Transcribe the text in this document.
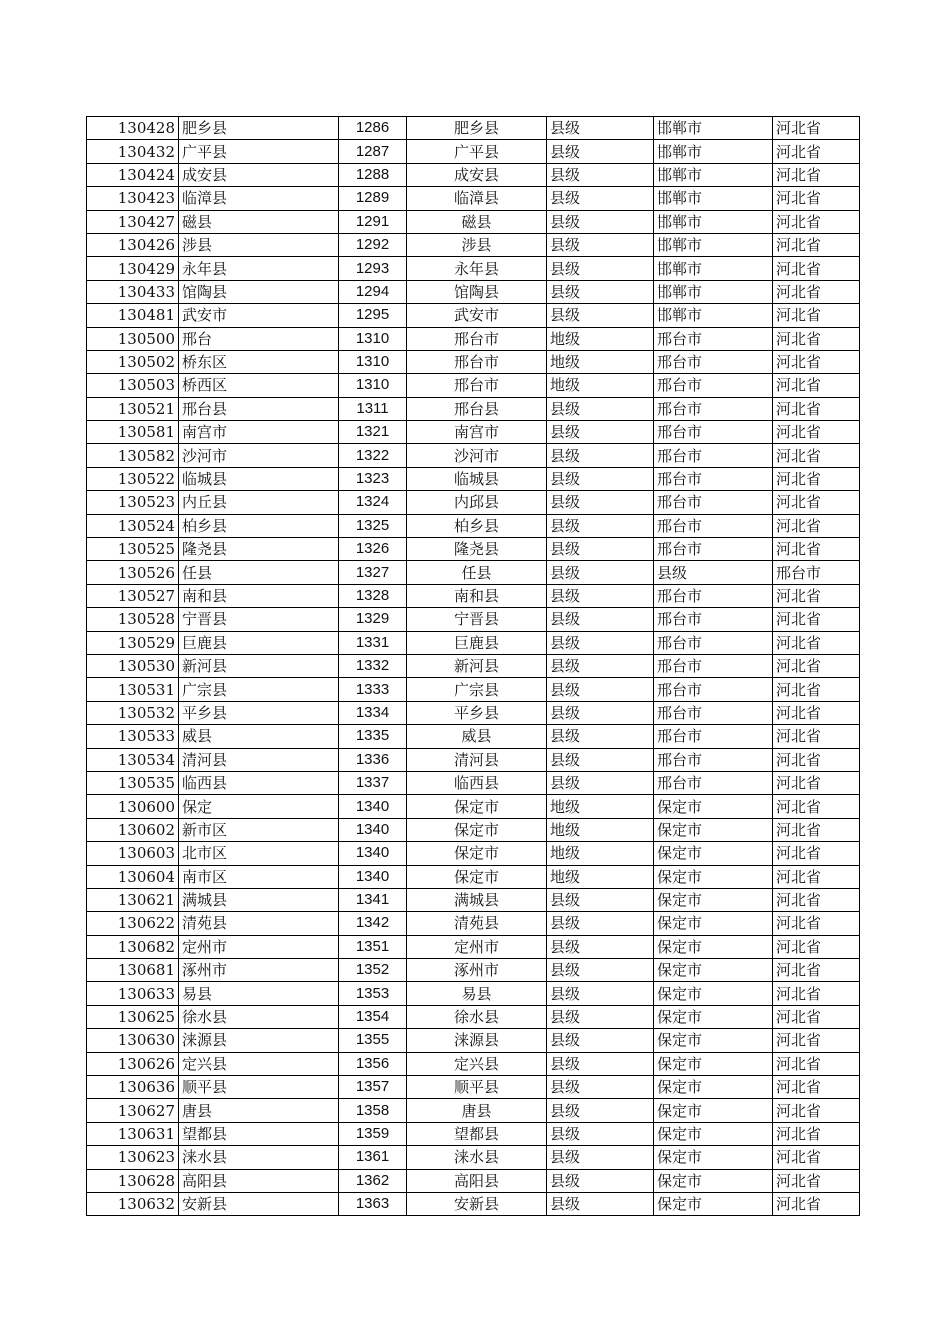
130428	肥乡县	1286	肥乡县	县级	邯郸市	河北省
130432	广平县	1287	广平县	县级	邯郸市	河北省
130424	成安县	1288	成安县	县级	邯郸市	河北省
130423	临漳县	1289	临漳县	县级	邯郸市	河北省
130427	磁县	1291	磁县	县级	邯郸市	河北省
130426	涉县	1292	涉县	县级	邯郸市	河北省
130429	永年县	1293	永年县	县级	邯郸市	河北省
130433	馆陶县	1294	馆陶县	县级	邯郸市	河北省
130481	武安市	1295	武安市	县级	邯郸市	河北省
130500	邢台	1310	邢台市	地级	邢台市	河北省
130502	桥东区	1310	邢台市	地级	邢台市	河北省
130503	桥西区	1310	邢台市	地级	邢台市	河北省
130521	邢台县	1311	邢台县	县级	邢台市	河北省
130581	南宫市	1321	南宫市	县级	邢台市	河北省
130582	沙河市	1322	沙河市	县级	邢台市	河北省
130522	临城县	1323	临城县	县级	邢台市	河北省
130523	内丘县	1324	内邱县	县级	邢台市	河北省
130524	柏乡县	1325	柏乡县	县级	邢台市	河北省
130525	隆尧县	1326	隆尧县	县级	邢台市	河北省
130526	任县	1327	任县	县级	县级	邢台市
130527	南和县	1328	南和县	县级	邢台市	河北省
130528	宁晋县	1329	宁晋县	县级	邢台市	河北省
130529	巨鹿县	1331	巨鹿县	县级	邢台市	河北省
130530	新河县	1332	新河县	县级	邢台市	河北省
130531	广宗县	1333	广宗县	县级	邢台市	河北省
130532	平乡县	1334	平乡县	县级	邢台市	河北省
130533	威县	1335	威县	县级	邢台市	河北省
130534	清河县	1336	清河县	县级	邢台市	河北省
130535	临西县	1337	临西县	县级	邢台市	河北省
130600	保定	1340	保定市	地级	保定市	河北省
130602	新市区	1340	保定市	地级	保定市	河北省
130603	北市区	1340	保定市	地级	保定市	河北省
130604	南市区	1340	保定市	地级	保定市	河北省
130621	满城县	1341	满城县	县级	保定市	河北省
130622	清苑县	1342	清苑县	县级	保定市	河北省
130682	定州市	1351	定州市	县级	保定市	河北省
130681	涿州市	1352	涿州市	县级	保定市	河北省
130633	易县	1353	易县	县级	保定市	河北省
130625	徐水县	1354	徐水县	县级	保定市	河北省
130630	涞源县	1355	涞源县	县级	保定市	河北省
130626	定兴县	1356	定兴县	县级	保定市	河北省
130636	顺平县	1357	顺平县	县级	保定市	河北省
130627	唐县	1358	唐县	县级	保定市	河北省
130631	望都县	1359	望都县	县级	保定市	河北省
130623	涞水县	1361	涞水县	县级	保定市	河北省
130628	高阳县	1362	高阳县	县级	保定市	河北省
130632	安新县	1363	安新县	县级	保定市	河北省
